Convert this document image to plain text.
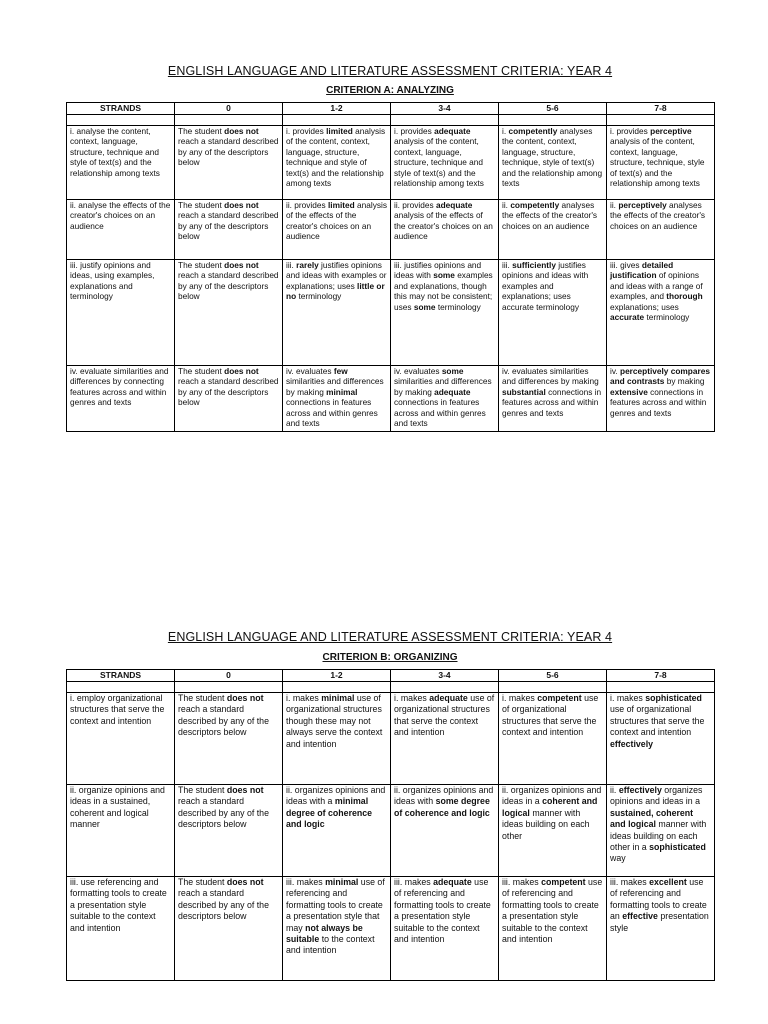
ENGLISH LANGUAGE AND LITERATURE ASSESSMENT CRITERIA: YEAR 4
CRITERION A: ANALYZING
STRANDS	0	1-2	3-4	5-6	7-8

i. analyse the content, context, language, structure, technique and style of text(s) and the relationship among texts	The student does not reach a standard described by any of the descriptors below	i. provides limited analysis of the content, context, language, structure, technique and style of text(s) and the relationship among texts	i. provides adequate analysis of the content, context, language, structure, technique and style of text(s) and the relationship among texts	i. competently analyses the content, context, language, structure, technique, style of text(s) and the relationship among texts	i. provides perceptive analysis of the content, context, language, structure, technique, style of text(s) and the relationship among texts
ii. analyse the effects of the creator's choices on an audience	The student does not reach a standard described by any of the descriptors below	ii. provides limited analysis of the effects of the creator's choices on an audience	ii. provides adequate analysis of the effects of the creator's choices on an audience	ii. competently analyses the effects of the creator's choices on an audience	ii. perceptively analyses the effects of the creator's choices on an audience
iii. justify opinions and ideas, using examples, explanations and terminology	The student does not reach a standard described by any of the descriptors below	iii. rarely justifies opinions and ideas with examples or explanations; uses little or no terminology	iii. justifies opinions and ideas with some examples and explanations, though this may not be consistent; uses some terminology	iii. sufficiently justifies opinions and ideas with examples and explanations; uses accurate terminology	iii. gives detailed justification of opinions and ideas with a range of examples, and thorough explanations; uses accurate terminology
iv. evaluate similarities and differences by connecting features across and within genres and texts	The student does not reach a standard described by any of the descriptors below	iv. evaluates few similarities and differences by making minimal connections in features across and within genres and texts	iv. evaluates some similarities and differences by making adequate connections in features across and within genres and texts	iv. evaluates similarities and differences by making substantial connections in features across and within genres and texts	iv. perceptively compares and contrasts by making extensive connections in features across and within genres and texts
ENGLISH LANGUAGE AND LITERATURE ASSESSMENT CRITERIA: YEAR 4
CRITERION B: ORGANIZING
STRANDS	0	1-2	3-4	5-6	7-8

i. employ organizational structures that serve the context and intention	The student does not reach a standard described by any of the descriptors below	i. makes minimal use of organizational structures though these may not always serve the context and intention	i. makes adequate use of organizational structures that serve the context and intention	i. makes competent use of organizational structures that serve the context and intention	i. makes sophisticated use of organizational structures that serve the context and intention effectively
ii. organize opinions and ideas in a sustained, coherent and logical manner	The student does not reach a standard described by any of the descriptors below	ii. organizes opinions and ideas with a minimal degree of coherence and logic	ii. organizes opinions and ideas with some degree of coherence and logic	ii. organizes opinions and ideas in a coherent and logical manner with ideas building on each other	ii. effectively organizes opinions and ideas in a sustained, coherent and logical manner with ideas building on each other in a sophisticated way
iii. use referencing and formatting tools to create a presentation style suitable to the context and intention	The student does not reach a standard described by any of the descriptors below	iii. makes minimal use of referencing and formatting tools to create a presentation style that may not always be suitable to the context and intention	iii. makes adequate use of referencing and formatting tools to create a presentation style suitable to the context and intention	iii. makes competent use of referencing and formatting tools to create a presentation style suitable to the context and intention	iii. makes excellent use of referencing and formatting tools to create an effective presentation style
